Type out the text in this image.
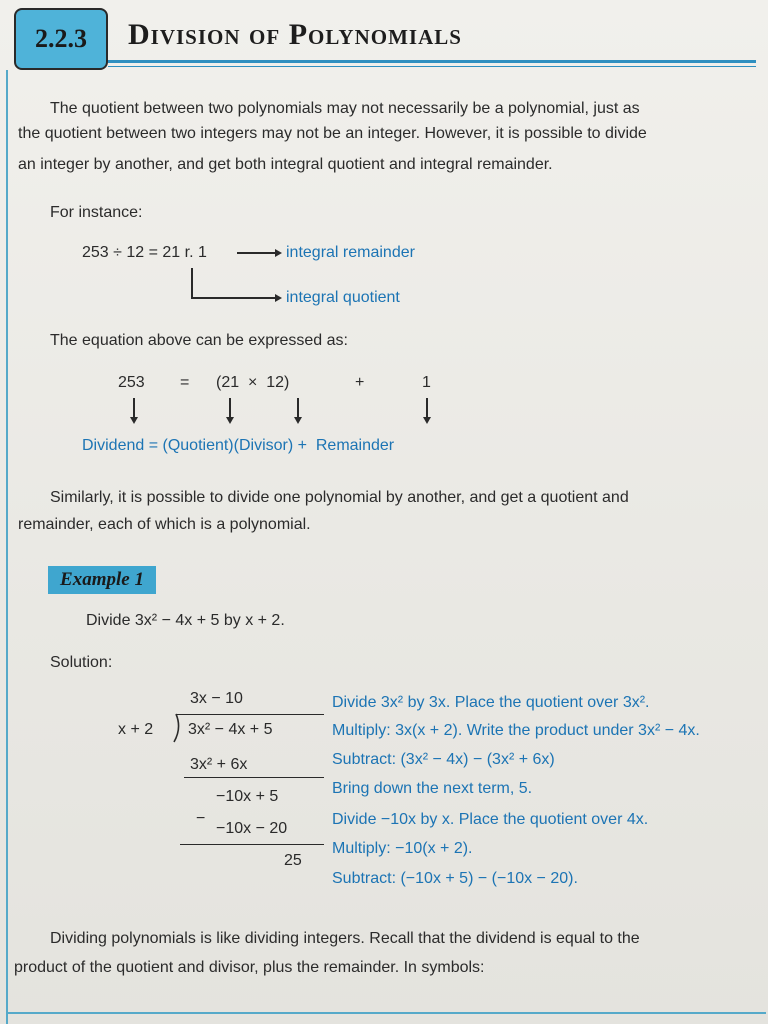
2.2.3	Division of Polynomials
The quotient between two polynomials may not necessarily be a polynomial, just as
the quotient between two integers may not be an integer. However, it is possible to divide
an integer by another, and get both integral quotient and integral remainder.
For instance:
253 ÷ 12 = 21 r. 1	integral remainder
integral quotient
The equation above can be expressed as:
253 = (21  ×  12)	+	1
Dividend = (Quotient)(Divisor) +  Remainder
Similarly, it is possible to divide one polynomial by another, and get a quotient and
remainder, each of which is a polynomial.
Example 1
Divide 3x² − 4x + 5 by x + 2.
Solution:
3x − 10
x + 2 3x² − 4x + 5
3x² + 6x
−10x + 5
−
−10x − 20
25
Divide 3x² by 3x. Place the quotient over 3x².
Multiply: 3x(x + 2). Write the product under 3x² − 4x.
Subtract: (3x² − 4x) − (3x² + 6x)
Bring down the next term, 5.
Divide −10x by x. Place the quotient over 4x.
Multiply: −10(x + 2).
Subtract: (−10x + 5) − (−10x − 20).
Dividing polynomials is like dividing integers. Recall that the dividend is equal to the
product of the quotient and divisor, plus the remainder. In symbols:
